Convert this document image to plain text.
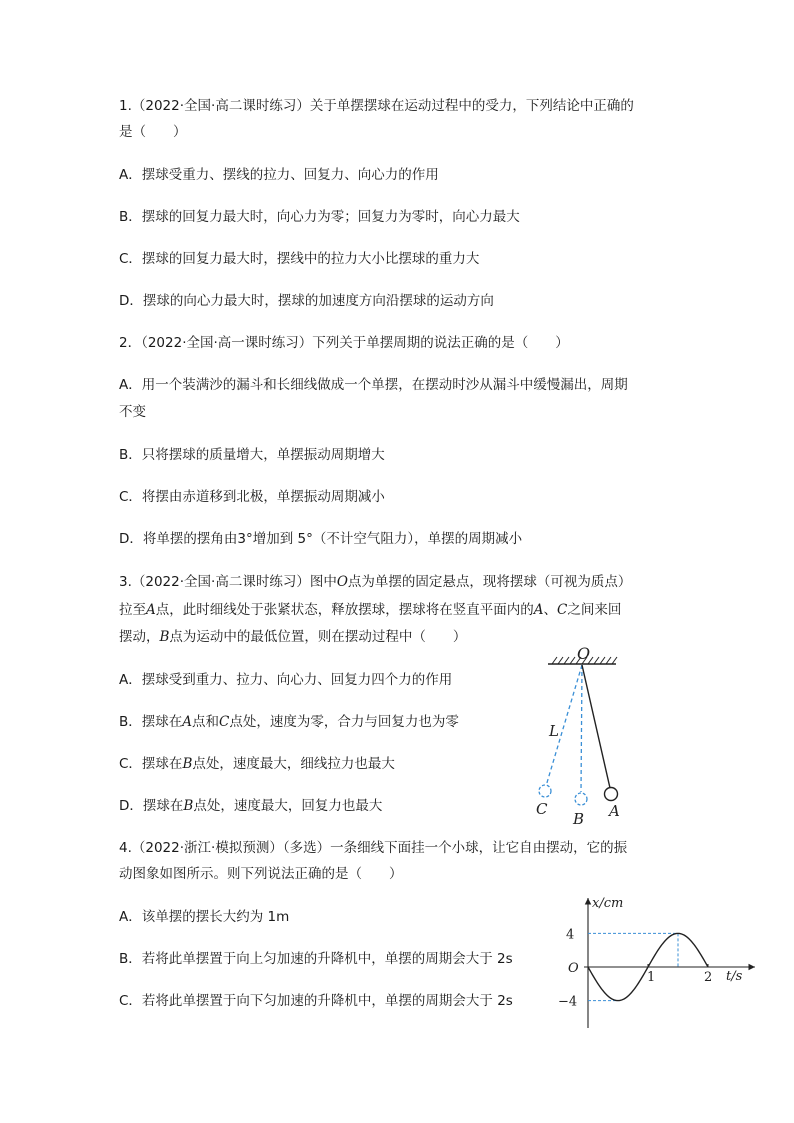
1.（2022·全国·高二课时练习）关于单摆摆球在运动过程中的受力，下列结论中正确的
是（　　）
A．摆球受重力、摆线的拉力、回复力、向心力的作用
B．摆球的回复力最大时，向心力为零；回复力为零时，向心力最大
C．摆球的回复力最大时，摆线中的拉力大小比摆球的重力大
D．摆球的向心力最大时，摆球的加速度方向沿摆球的运动方向
2．（2022·全国·高一课时练习）下列关于单摆周期的说法正确的是（　　）
A．用一个装满沙的漏斗和长细线做成一个单摆，在摆动时沙从漏斗中缓慢漏出，周期
不变
B．只将摆球的质量增大，单摆振动周期增大
C．将摆由赤道移到北极，单摆振动周期减小
D．将单摆的摆角由3°增加到 5°（不计空气阻力），单摆的周期减小
3.（2022·全国·高二课时练习）图中O点为单摆的固定悬点，现将摆球（可视为质点）
拉至A点，此时细线处于张紧状态，释放摆球，摆球将在竖直平面内的A、C之间来回
摆动，B点为运动中的最低位置，则在摆动过程中（　　）
A．摆球受到重力、拉力、向心力、回复力四个力的作用
B．摆球在A点和C点处，速度为零，合力与回复力也为零
C．摆球在B点处，速度最大，细线拉力也最大
D．摆球在B点处，速度最大，回复力也最大
O
L
C
B A
4.（2022·浙江·模拟预测）（多选）一条细线下面挂一个小球，让它自由摆动，它的振
动图象如图所示。则下列说法正确的是（　　）
A．该单摆的摆长大约为 1m
B．若将此单摆置于向上匀加速的升降机中，单摆的周期会大于 2s
C．若将此单摆置于向下匀加速的升降机中，单摆的周期会大于 2s
x/cm
t/s
O
4
−4
1	2
